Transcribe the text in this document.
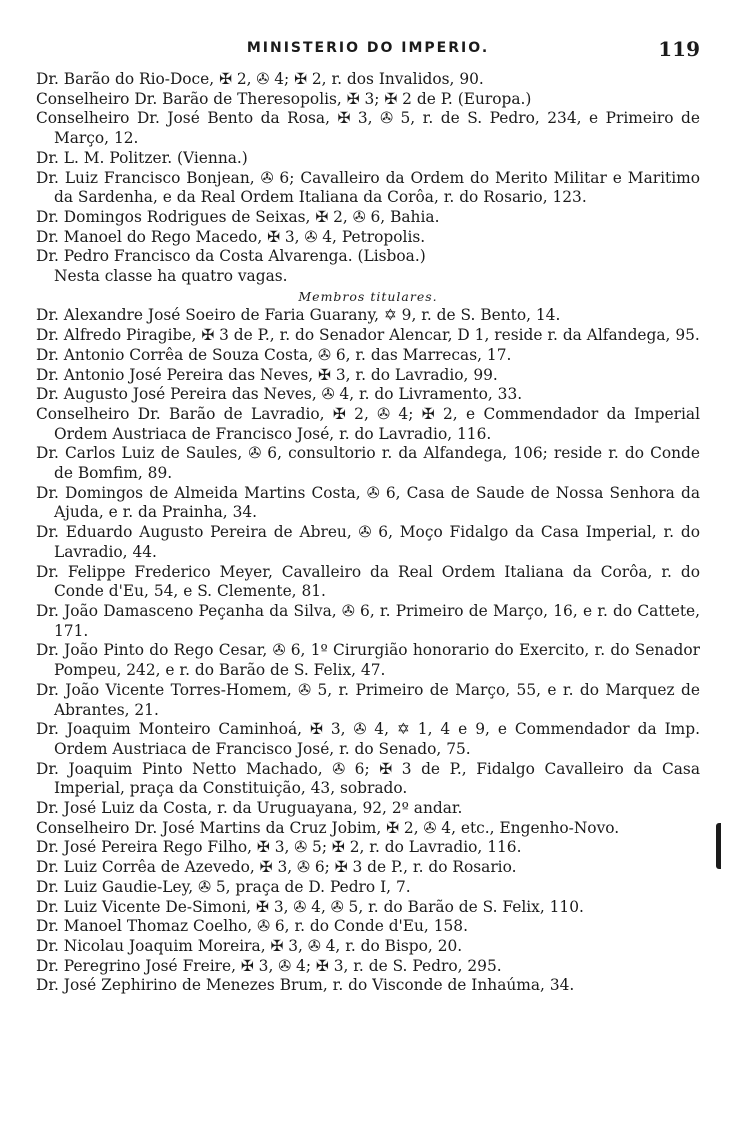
MINISTERIO DO IMPERIO.	119

Dr. Barão do Rio-Doce, ✠ 2, ✇ 4; ✠ 2, r. dos Invalidos, 90.

Conselheiro Dr. Barão de Theresopolis, ✠ 3; ✠ 2 de P. (Europa.)

Conselheiro Dr. José Bento da Rosa, ✠ 3, ✇ 5, r. de S. Pedro, 234, e Primeiro de Março, 12.

Dr. L. M. Politzer. (Vienna.)

Dr. Luiz Francisco Bonjean, ✇ 6; Cavalleiro da Ordem do Merito Militar e Maritimo da Sardenha, e da Real Ordem Italiana da Corôa, r. do Rosario, 123.

Dr. Domingos Rodrigues de Seixas, ✠ 2, ✇ 6, Bahia.

Dr. Manoel do Rego Macedo, ✠ 3, ✇ 4, Petropolis.

Dr. Pedro Francisco da Costa Alvarenga. (Lisboa.)

Nesta classe ha quatro vagas.

Membros titulares.

Dr. Alexandre José Soeiro de Faria Guarany, ✡ 9, r. de S. Bento, 14.

Dr. Alfredo Piragibe, ✠ 3 de P., r. do Senador Alencar, D 1, reside r. da Alfandega, 95.

Dr. Antonio Corrêa de Souza Costa, ✇ 6, r. das Marrecas, 17.

Dr. Antonio José Pereira das Neves, ✠ 3, r. do Lavradio, 99.

Dr. Augusto José Pereira das Neves, ✇ 4, r. do Livramento, 33.

Conselheiro Dr. Barão de Lavradio, ✠ 2, ✇ 4; ✠ 2, e Commendador da Imperial Ordem Austriaca de Francisco José, r. do Lavradio, 116.

Dr. Carlos Luiz de Saules, ✇ 6, consultorio r. da Alfandega, 106; reside r. do Conde de Bomfim, 89.

Dr. Domingos de Almeida Martins Costa, ✇ 6, Casa de Saude de Nossa Senhora da Ajuda, e r. da Prainha, 34.

Dr. Eduardo Augusto Pereira de Abreu, ✇ 6, Moço Fidalgo da Casa Imperial, r. do Lavradio, 44.

Dr. Felippe Frederico Meyer, Cavalleiro da Real Ordem Italiana da Corôa, r. do Conde d'Eu, 54, e S. Clemente, 81.

Dr. João Damasceno Peçanha da Silva, ✇ 6, r. Primeiro de Março, 16, e r. do Cattete, 171.

Dr. João Pinto do Rego Cesar, ✇ 6, 1º Cirurgião honorario do Exercito, r. do Senador Pompeu, 242, e r. do Barão de S. Felix, 47.

Dr. João Vicente Torres-Homem, ✇ 5, r. Primeiro de Março, 55, e r. do Marquez de Abrantes, 21.

Dr. Joaquim Monteiro Caminhoá, ✠ 3, ✇ 4, ✡ 1, 4 e 9, e Commendador da Imp. Ordem Austriaca de Francisco José, r. do Senado, 75.

Dr. Joaquim Pinto Netto Machado, ✇ 6; ✠ 3 de P., Fidalgo Cavalleiro da Casa Imperial, praça da Constituição, 43, sobrado.

Dr. José Luiz da Costa, r. da Uruguayana, 92, 2º andar.

Conselheiro Dr. José Martins da Cruz Jobim, ✠ 2, ✇ 4, etc., Engenho-Novo.

Dr. José Pereira Rego Filho, ✠ 3, ✇ 5; ✠ 2, r. do Lavradio, 116.

Dr. Luiz Corrêa de Azevedo, ✠ 3, ✇ 6; ✠ 3 de P., r. do Rosario.

Dr. Luiz Gaudie-Ley, ✇ 5, praça de D. Pedro I, 7.

Dr. Luiz Vicente De-Simoni, ✠ 3, ✇ 4, ✇ 5, r. do Barão de S. Felix, 110.

Dr. Manoel Thomaz Coelho, ✇ 6, r. do Conde d'Eu, 158.

Dr. Nicolau Joaquim Moreira, ✠ 3, ✇ 4, r. do Bispo, 20.

Dr. Peregrino José Freire, ✠ 3, ✇ 4; ✠ 3, r. de S. Pedro, 295.

Dr. José Zephirino de Menezes Brum, r. do Visconde de Inhaúma, 34.
